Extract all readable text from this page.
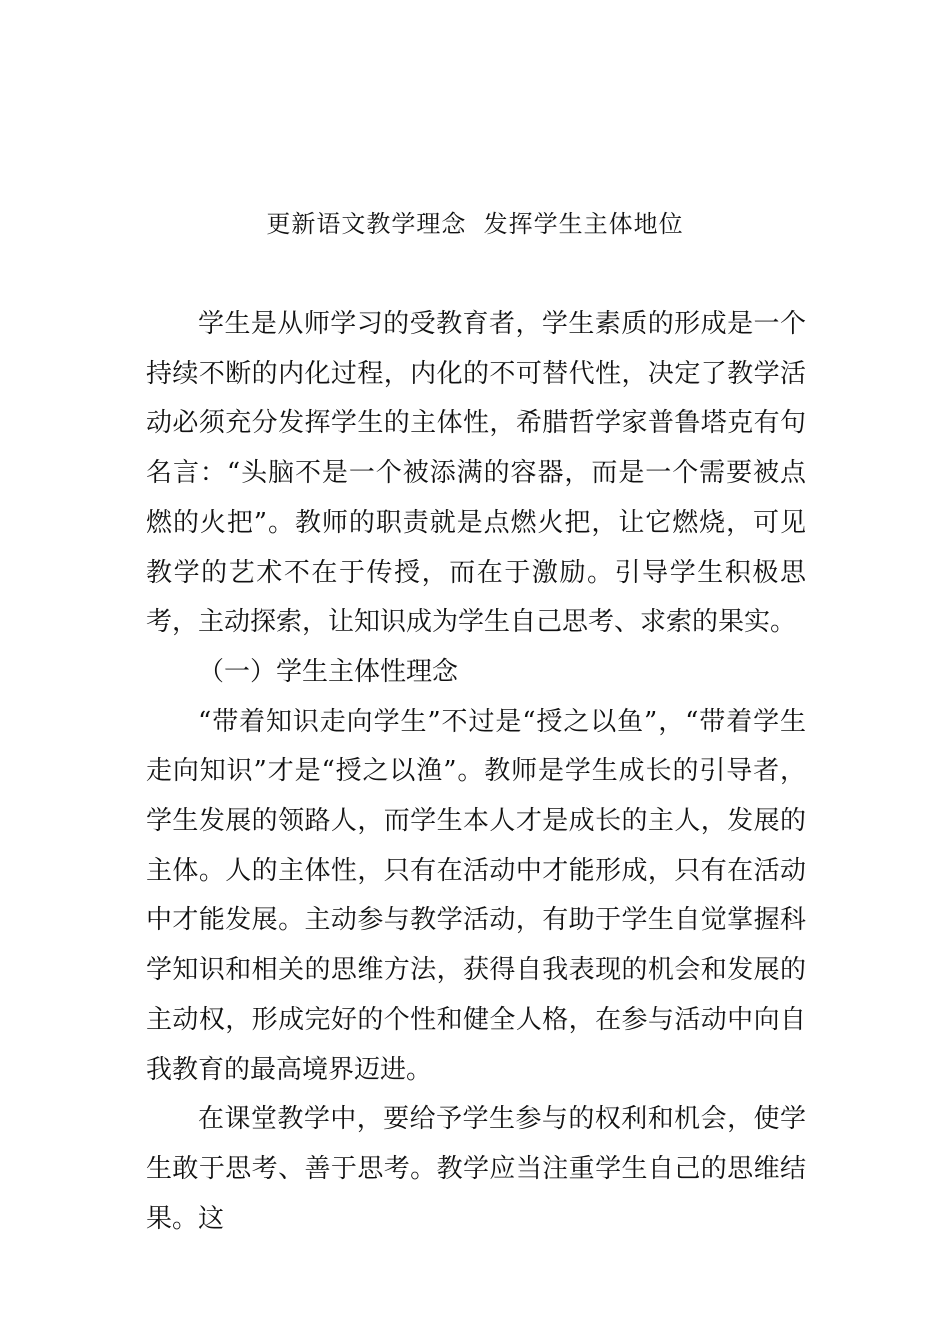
更新语文教学理念  发挥学生主体地位

学生是从师学习的受教育者，学生素质的形成是一个持续不断的内化过程，内化的不可替代性，决定了教学活动必须充分发挥学生的主体性，希腊哲学家普鲁塔克有句名言：“头脑不是一个被添满的容器，而是一个需要被点燃的火把”。教师的职责就是点燃火把，让它燃烧，可见教学的艺术不在于传授，而在于激励。引导学生积极思考，主动探索，让知识成为学生自己思考、求索的果实。

（一）学生主体性理念

“带着知识走向学生”不过是“授之以鱼”，“带着学生走向知识”才是“授之以渔”。教师是学生成长的引导者，学生发展的领路人，而学生本人才是成长的主人，发展的主体。人的主体性，只有在活动中才能形成，只有在活动中才能发展。主动参与教学活动，有助于学生自觉掌握科学知识和相关的思维方法，获得自我表现的机会和发展的主动权，形成完好的个性和健全人格，在参与活动中向自我教育的最高境界迈进。

在课堂教学中，要给予学生参与的权利和机会，使学生敢于思考、善于思考。教学应当注重学生自己的思维结果。这
